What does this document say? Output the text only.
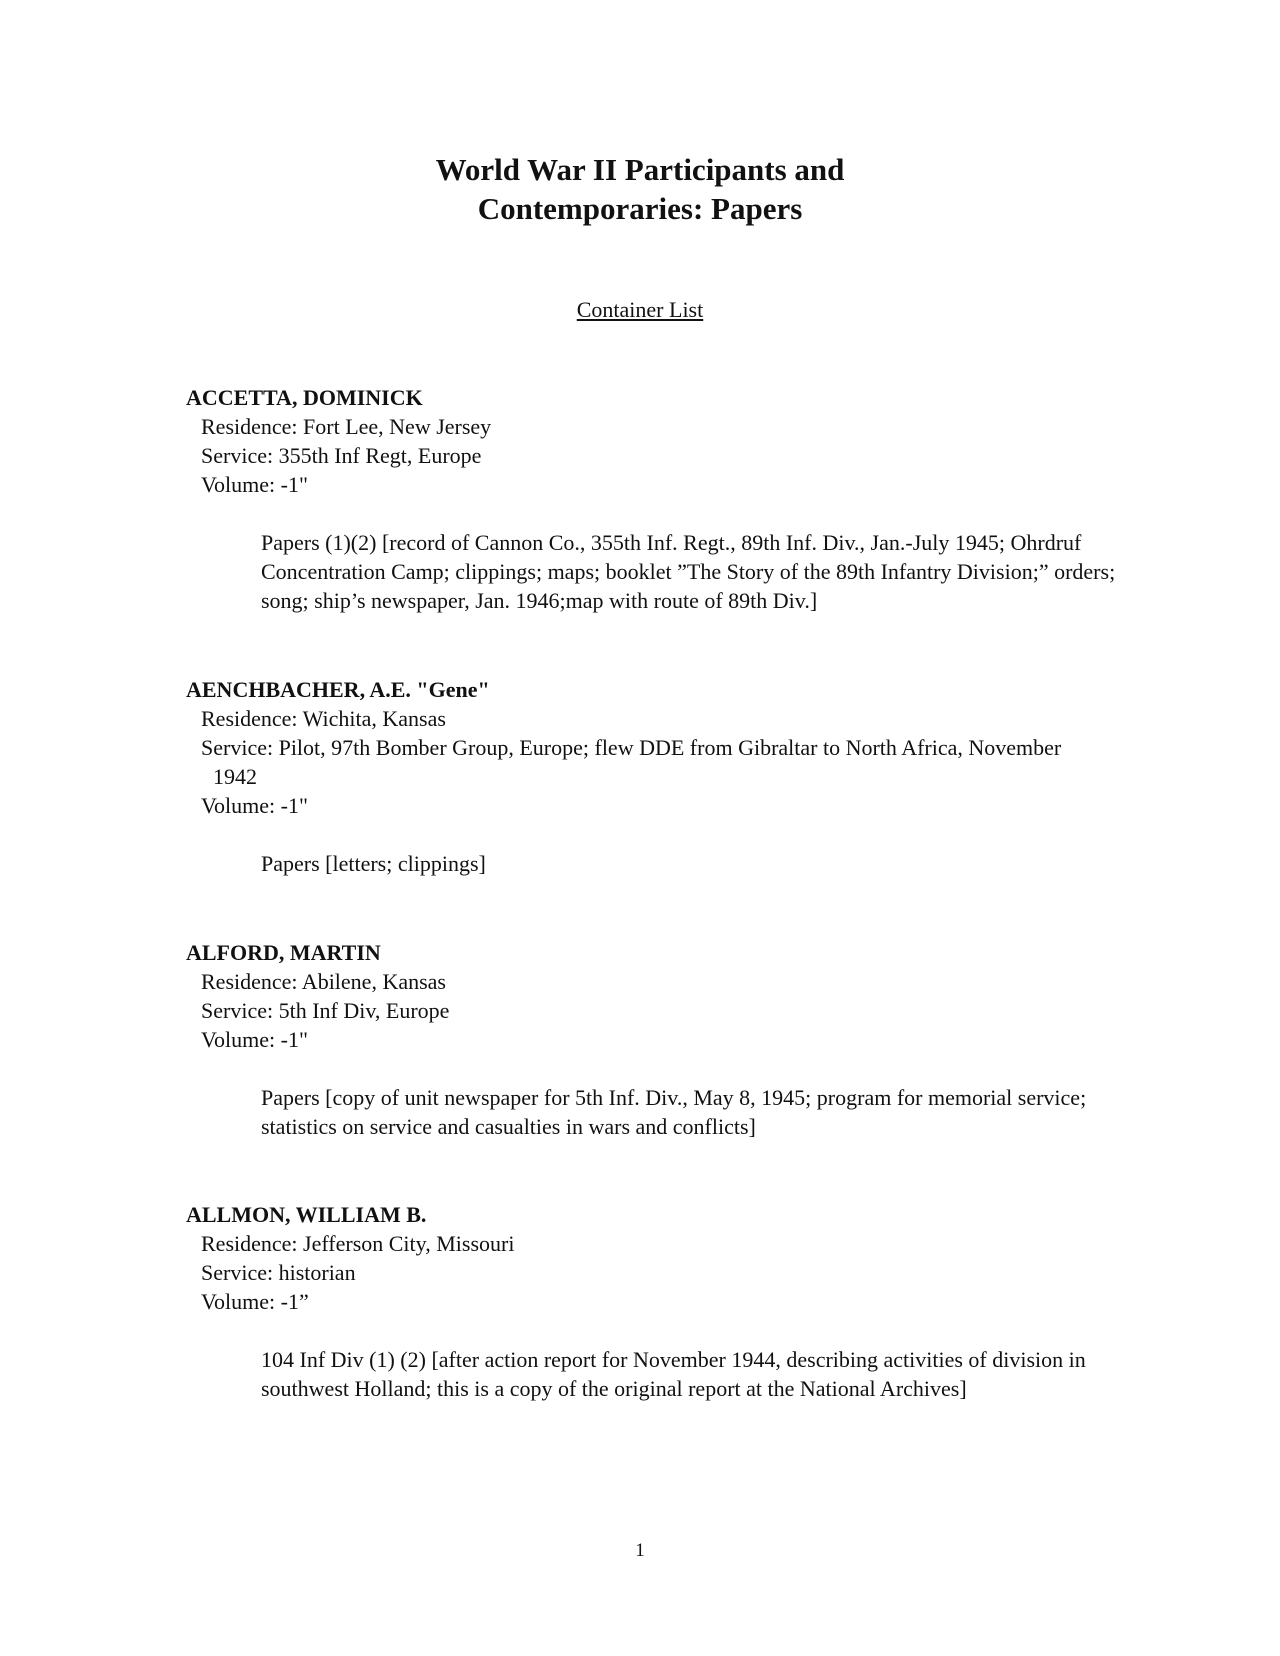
World War II Participants and
Contemporaries: Papers
Container List
ACCETTA, DOMINICK
Residence: Fort Lee, New Jersey
Service: 355th Inf Regt, Europe
Volume: -1"
Papers (1)(2) [record of Cannon Co., 355th Inf. Regt., 89th Inf. Div., Jan.-July 1945; Ohrdruf Concentration Camp; clippings; maps; booklet ”The Story of the 89th Infantry Division;” orders; song; ship’s newspaper, Jan. 1946;map with route of 89th Div.]
AENCHBACHER, A.E. "Gene"
Residence: Wichita, Kansas
Service: Pilot, 97th Bomber Group, Europe; flew DDE from Gibraltar to North Africa, November 1942
Volume: -1"
Papers [letters; clippings]
ALFORD, MARTIN
Residence: Abilene, Kansas
Service: 5th Inf Div, Europe
Volume: -1"
Papers [copy of unit newspaper for 5th Inf. Div., May 8, 1945; program for memorial service; statistics on service and casualties in wars and conflicts]
ALLMON, WILLIAM B.
Residence: Jefferson City, Missouri
Service: historian
Volume: -1”
104 Inf Div (1) (2) [after action report for November 1944, describing activities of division in southwest Holland; this is a copy of the original report at the National Archives]
1
